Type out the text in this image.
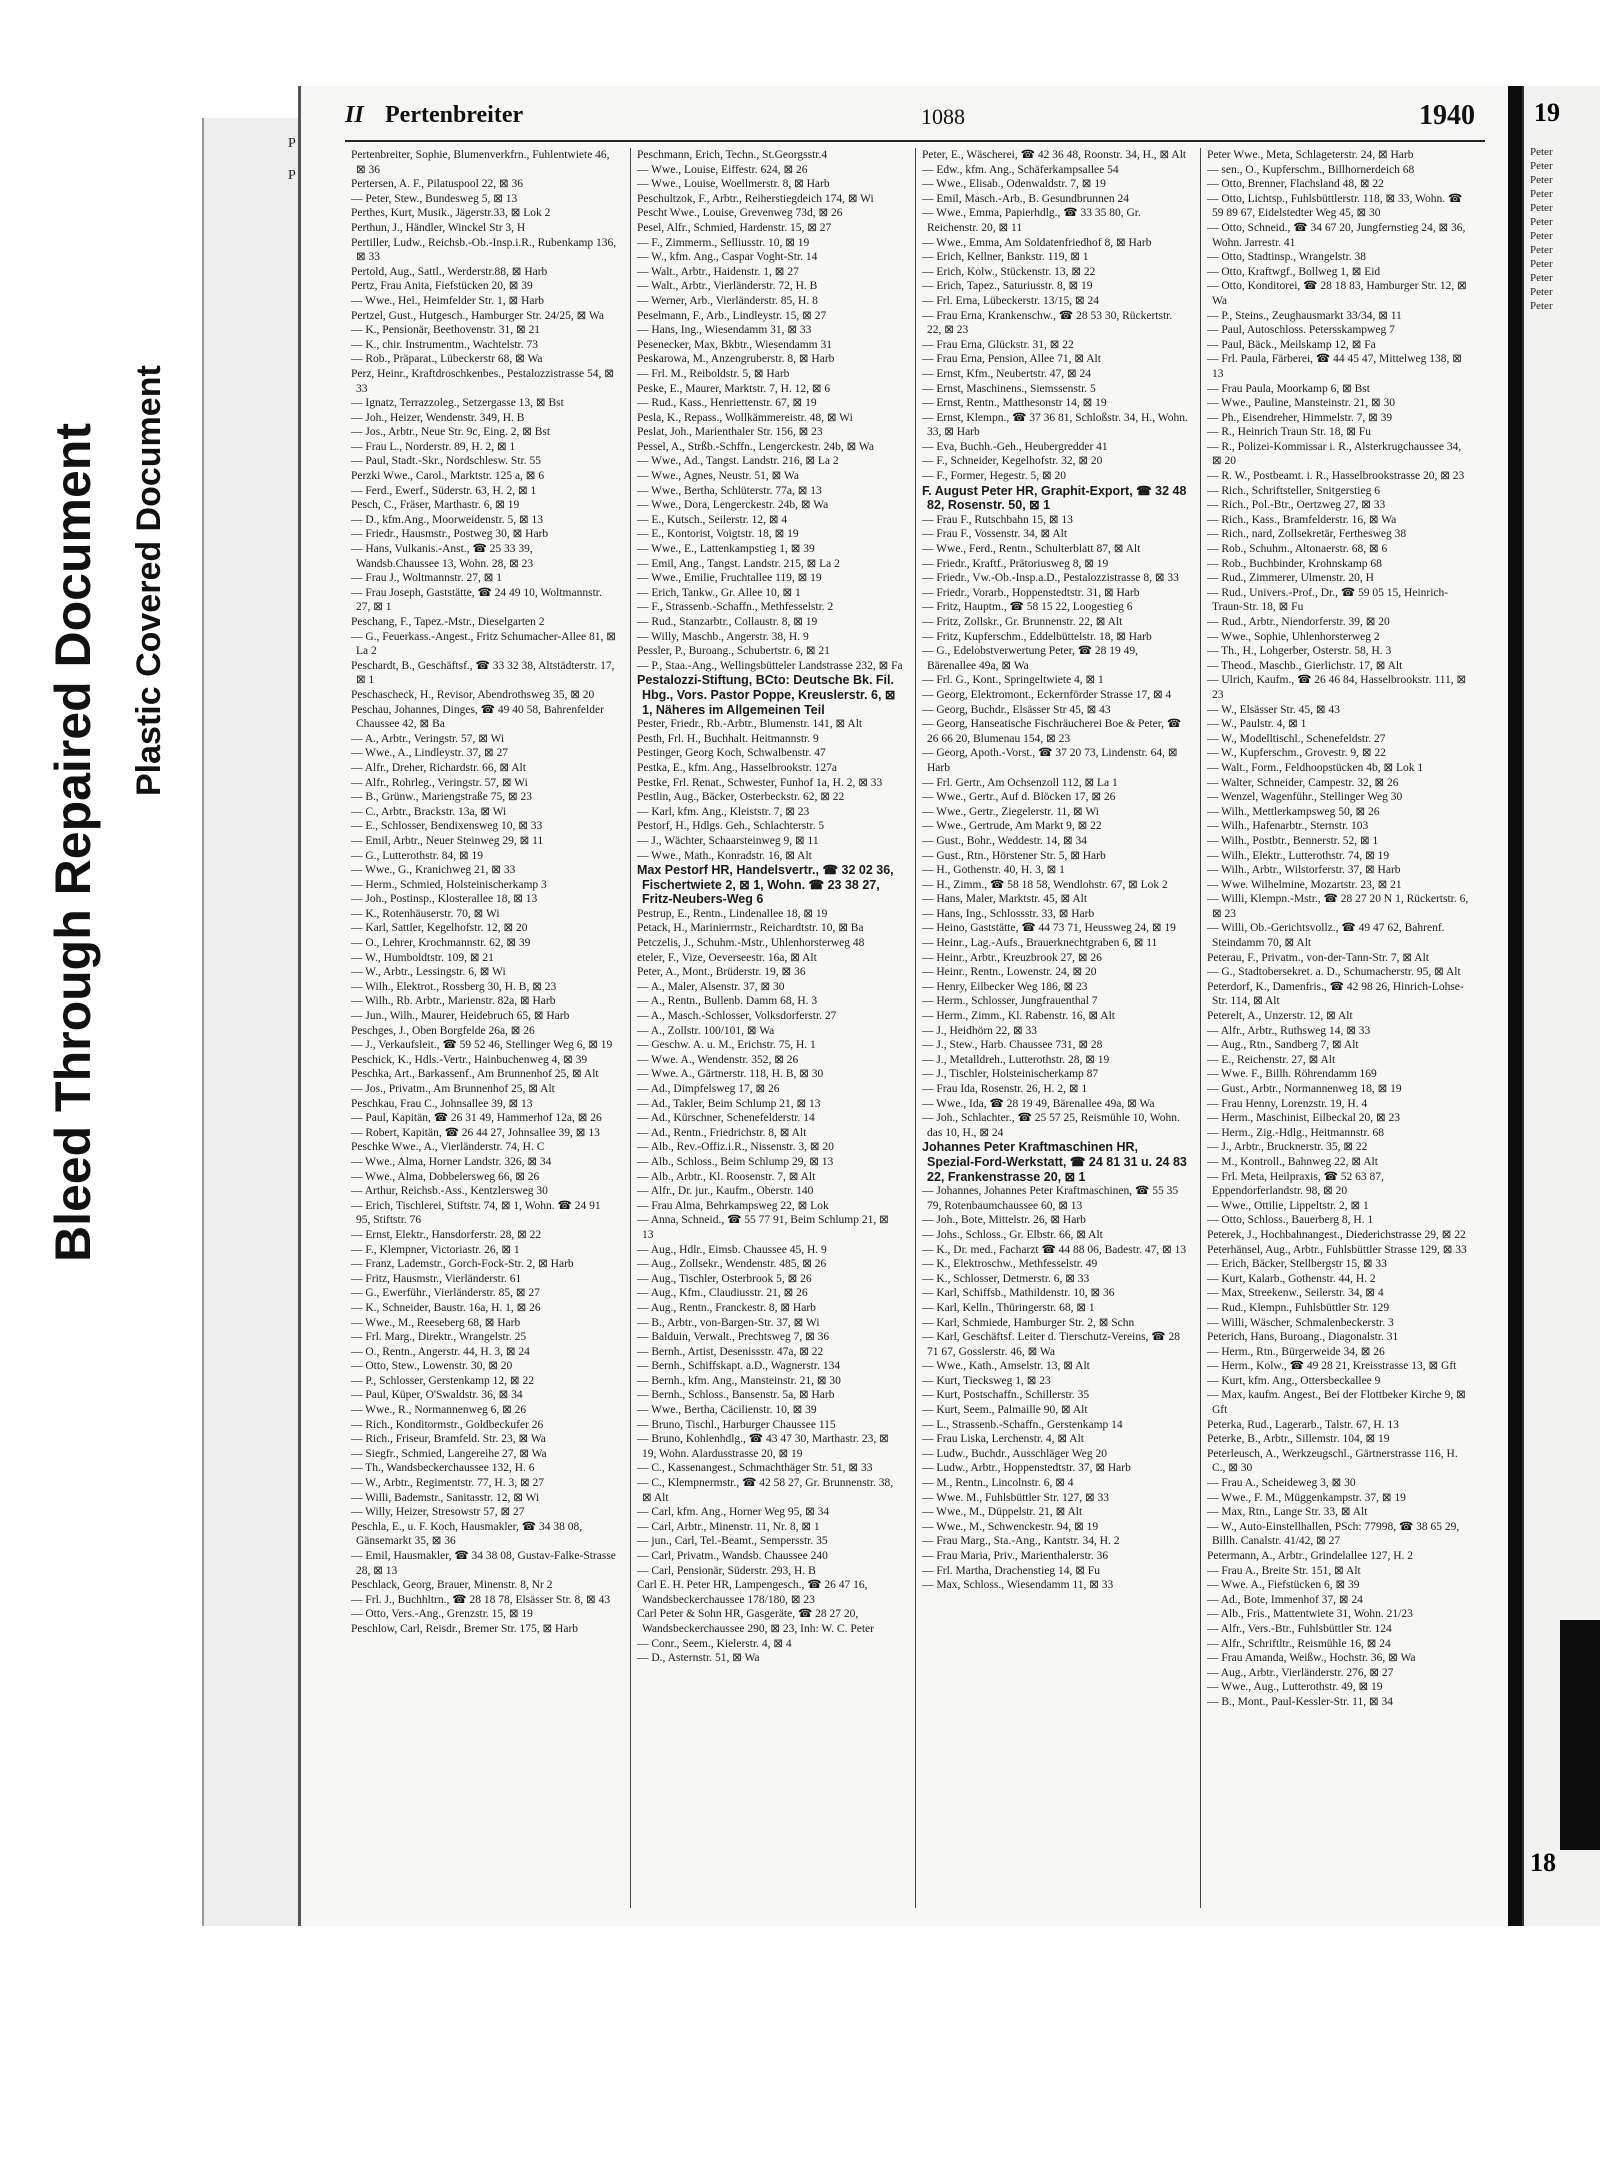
Bleed Through Repaired Document Plastic Covered Document
P
P
II Pertenbreiter	1088	1940

Pertenbreiter, Sophie, Blumenverkfrn., Fuhlentwiete 46, ⊠ 36

Pertersen, A. F., Pilatuspool 22, ⊠ 36

— Peter, Stew., Bundesweg 5, ⊠ 13

Perthes, Kurt, Musik., Jägerstr.33, ⊠ Lok 2

Perthun, J., Händler, Winckel Str 3, H

Pertiller, Ludw., Reichsb.-Ob.-Insp.i.R., Rubenkamp 136, ⊠ 33

Pertold, Aug., Sattl., Werderstr.88, ⊠ Harb

Pertz, Frau Anita, Fiefstücken 20, ⊠ 39

— Wwe., Hel., Heimfelder Str. 1, ⊠ Harb

Pertzel, Gust., Hutgesch., Hamburger Str. 24/25, ⊠ Wa

— K., Pensionär, Beethovenstr. 31, ⊠ 21

— K., chir. Instrumentm., Wachtelstr. 73

— Rob., Präparat., Lübeckerstr 68, ⊠ Wa

Perz, Heinr., Kraftdroschkenbes., Pestalozzistrasse 54, ⊠ 33

— Ignatz, Terrazzoleg., Setzergasse 13, ⊠ Bst

— Joh., Heizer, Wendenstr. 349, H. B

— Jos., Arbtr., Neue Str. 9c, Eing. 2, ⊠ Bst

— Frau L., Norderstr. 89, H. 2, ⊠ 1

— Paul, Stadt.-Skr., Nordschlesw. Str. 55

Perzki Wwe., Carol., Marktstr. 125 a, ⊠ 6

— Ferd., Ewerf., Süderstr. 63, H. 2, ⊠ 1

Pesch, C., Fräser, Marthastr. 6, ⊠ 19

— D., kfm.Ang., Moorweidenstr. 5, ⊠ 13

— Friedr., Hausmstr., Postweg 30, ⊠ Harb

— Hans, Vulkanis.-Anst., ☎ 25 33 39, Wandsb.Chaussee 13, Wohn. 28, ⊠ 23

— Frau J., Woltmannstr. 27, ⊠ 1

— Frau Joseph, Gaststätte, ☎ 24 49 10, Woltmannstr. 27, ⊠ 1

Peschang, F., Tapez.-Mstr., Dieselgarten 2

— G., Feuerkass.-Angest., Fritz Schumacher-Allee 81, ⊠ La 2

Peschardt, B., Geschäftsf., ☎ 33 32 38, Altstädterstr. 17, ⊠ 1

Peschascheck, H., Revisor, Abendrothsweg 35, ⊠ 20

Peschau, Johannes, Dinges, ☎ 49 40 58, Bahrenfelder Chaussee 42, ⊠ Ba

— A., Arbtr., Veringstr. 57, ⊠ Wi

— Wwe., A., Lindleystr. 37, ⊠ 27

— Alfr., Dreher, Richardstr. 66, ⊠ Alt

— Alfr., Rohrleg., Veringstr. 57, ⊠ Wi

— B., Grünw., Mariengstraße 75, ⊠ 23

— C., Arbtr., Brackstr. 13a, ⊠ Wi

— E., Schlosser, Bendixensweg 10, ⊠ 33

— Emil, Arbtr., Neuer Steinweg 29, ⊠ 11

— G., Lutterothstr. 84, ⊠ 19

— Wwe., G., Kranichweg 21, ⊠ 33

— Herm., Schmied, Holsteinischerkamp 3

— Joh., Postinsp., Klosterallee 18, ⊠ 13

— K., Rotenhäuserstr. 70, ⊠ Wi

— Karl, Sattler, Kegelhofstr. 12, ⊠ 20

— O., Lehrer, Krochmannstr. 62, ⊠ 39

— W., Humboldtstr. 109, ⊠ 21

— W., Arbtr., Lessingstr. 6, ⊠ Wi

— Wilh., Elektrot., Rossberg 30, H. B, ⊠ 23

— Wilh., Rb. Arbtr., Marienstr. 82a, ⊠ Harb

— Jun., Wilh., Maurer, Heidebruch 65, ⊠ Harb

Peschges, J., Oben Borgfelde 26a, ⊠ 26

— J., Verkaufsleit., ☎ 59 52 46, Stellinger Weg 6, ⊠ 19

Peschick, K., Hdls.-Vertr., Hainbuchenweg 4, ⊠ 39

Peschka, Art., Barkassenf., Am Brunnenhof 25, ⊠ Alt

— Jos., Privatm., Am Brunnenhof 25, ⊠ Alt

Peschkau, Frau C., Johnsallee 39, ⊠ 13

— Paul, Kapitän, ☎ 26 31 49, Hammerhof 12a, ⊠ 26

— Robert, Kapitän, ☎ 26 44 27, Johnsallee 39, ⊠ 13

Peschke Wwe., A., Vierländerstr. 74, H. C

— Wwe., Alma, Horner Landstr. 326, ⊠ 34

— Wwe., Alma, Dobbelersweg 66, ⊠ 26

— Arthur, Reichsb.-Ass., Kentzlersweg 30

— Erich, Tischlerei, Stiftstr. 74, ⊠ 1, Wohn. ☎ 24 91 95, Stiftstr. 76

— Ernst, Elektr., Hansdorferstr. 28, ⊠ 22

— F., Klempner, Victoriastr. 26, ⊠ 1

— Franz, Lademstr., Gorch-Fock-Str. 2, ⊠ Harb

— Fritz, Hausmstr., Vierländerstr. 61

— G., Ewerführ., Vierländerstr. 85, ⊠ 27

— K., Schneider, Baustr. 16a, H. 1, ⊠ 26

— Wwe., M., Reeseberg 68, ⊠ Harb

— Frl. Marg., Direktr., Wrangelstr. 25

— O., Rentn., Angerstr. 44, H. 3, ⊠ 24

— Otto, Stew., Lowenstr. 30, ⊠ 20

— P., Schlosser, Gerstenkamp 12, ⊠ 22

— Paul, Küper, O'Swaldstr. 36, ⊠ 34

— Wwe., R., Normannenweg 6, ⊠ 26

— Rich., Konditormstr., Goldbeckufer 26

— Rich., Friseur, Bramfeld. Str. 23, ⊠ Wa

— Siegfr., Schmied, Langereihe 27, ⊠ Wa

— Th., Wandsbeckerchaussee 132, H. 6

— W., Arbtr., Regimentstr. 77, H. 3, ⊠ 27

— Willi, Bademstr., Sanitasstr. 12, ⊠ Wi

— Willy, Heizer, Stresowstr 57, ⊠ 27

Peschla, E., u. F. Koch, Hausmakler, ☎ 34 38 08, Gänsemarkt 35, ⊠ 36

— Emil, Hausmakler, ☎ 34 38 08, Gustav-Falke-Strasse 28, ⊠ 13

Peschlack, Georg, Brauer, Minenstr. 8, Nr 2

— Frl. J., Buchhltrn., ☎ 28 18 78, Elsässer Str. 8, ⊠ 43

— Otto, Vers.-Ang., Grenzstr. 15, ⊠ 19

Peschlow, Carl, Reisdr., Bremer Str. 175, ⊠ Harb

Peschmann, Erich, Techn., St.Georgsstr.4

— Wwe., Louise, Eiffestr. 624, ⊠ 26

— Wwe., Louise, Woellmerstr. 8, ⊠ Harb

Peschultzok, F., Arbtr., Reiherstiegdeich 174, ⊠ Wi

Pescht Wwe., Louise, Grevenweg 73d, ⊠ 26

Pesel, Alfr., Schmied, Hardenstr. 15, ⊠ 27

— F., Zimmerm., Selliusstr. 10, ⊠ 19

— W., kfm. Ang., Caspar Voght-Str. 14

— Walt., Arbtr., Haidenstr. 1, ⊠ 27

— Walt., Arbtr., Vierländerstr. 72, H. B

— Werner, Arb., Vierländerstr. 85, H. 8

Peselmann, F., Arb., Lindleystr. 15, ⊠ 27

— Hans, Ing., Wiesendamm 31, ⊠ 33

Pesenecker, Max, Bkbtr., Wiesendamm 31

Peskarowa, M., Anzengruberstr. 8, ⊠ Harb

— Frl. M., Reiboldstr. 5, ⊠ Harb

Peske, E., Maurer, Marktstr. 7, H. 12, ⊠ 6

— Rud., Kass., Henriettenstr. 67, ⊠ 19

Pesla, K., Repass., Wollkämmereistr. 48, ⊠ Wi

Peslat, Joh., Marienthaler Str. 156, ⊠ 23

Pessel, A., Strßb.-Schffn., Lengerckestr. 24b, ⊠ Wa

— Wwe., Ad., Tangst. Landstr. 216, ⊠ La 2

— Wwe., Agnes, Neustr. 51, ⊠ Wa

— Wwe., Bertha, Schlüterstr. 77a, ⊠ 13

— Wwe., Dora, Lengerckestr. 24b, ⊠ Wa

— E., Kutsch., Seilerstr. 12, ⊠ 4

— E., Kontorist, Voigtstr. 18, ⊠ 19

— Wwe., E., Lattenkampstieg 1, ⊠ 39

— Emil, Ang., Tangst. Landstr. 215, ⊠ La 2

— Wwe., Emilie, Fruchtallee 119, ⊠ 19

— Erich, Tankw., Gr. Allee 10, ⊠ 1

— F., Strassenb.-Schaffn., Methfesselstr. 2

— Rud., Stanzarbtr., Collaustr. 8, ⊠ 19

— Willy, Maschb., Angerstr. 38, H. 9

Pessler, P., Buroang., Schubertstr. 6, ⊠ 21

— P., Staa.-Ang., Wellingsbütteler Landstrasse 232, ⊠ Fa

Pestalozzi-Stiftung, BCto: Deutsche Bk. Fil. Hbg., Vors. Pastor Poppe, Kreuslerstr. 6, ⊠ 1, Näheres im Allgemeinen Teil

Pester, Friedr., Rb.-Arbtr., Blumenstr. 141, ⊠ Alt

Pesth, Frl. H., Buchhalt. Heitmannstr. 9

Pestinger, Georg Koch, Schwalbenstr. 47

Pestka, E., kfm. Ang., Hasselbrookstr. 127a

Pestke, Frl. Renat., Schwester, Funhof 1a, H. 2, ⊠ 33

Pestlin, Aug., Bäcker, Osterbeckstr. 62, ⊠ 22

— Karl, kfm. Ang., Kleiststr. 7, ⊠ 23

Pestorf, H., Hdlgs. Geh., Schlachterstr. 5

— J., Wächter, Schaarsteinweg 9, ⊠ 11

— Wwe., Math., Konradstr. 16, ⊠ Alt

Max Pestorf HR, Handelsvertr., ☎ 32 02 36, Fischertwiete 2, ⊠ 1, Wohn. ☎ 23 38 27, Fritz-Neubers-Weg 6

Pestrup, E., Rentn., Lindenallee 18, ⊠ 19

Petack, H., Marinierrnstr., Reichardtstr. 10, ⊠ Ba

Petczelis, J., Schuhm.-Mstr., Uhlenhorsterweg 48

eteler, F., Vize, Oeverseestr. 16a, ⊠ Alt

Peter, A., Mont., Brüderstr. 19, ⊠ 36

— A., Maler, Alsenstr. 37, ⊠ 30

— A., Rentn., Bullenb. Damm 68, H. 3

— A., Masch.-Schlosser, Volksdorferstr. 27

— A., Zollstr. 100/101, ⊠ Wa

— Geschw. A. u. M., Erichstr. 75, H. 1

— Wwe. A., Wendenstr. 352, ⊠ 26

— Wwe. A., Gärtnerstr. 118, H. B, ⊠ 30

— Ad., Dimpfelsweg 17, ⊠ 26

— Ad., Takler, Beim Schlump 21, ⊠ 13

— Ad., Kürschner, Schenefelderstr. 14

— Ad., Rentn., Friedrichstr. 8, ⊠ Alt

— Alb., Rev.-Offiz.i.R., Nissenstr. 3, ⊠ 20

— Alb., Schloss., Beim Schlump 29, ⊠ 13

— Alb., Arbtr., Kl. Roosenstr. 7, ⊠ Alt

— Alfr., Dr. jur., Kaufm., Oberstr. 140

— Frau Alma, Behrkampsweg 22, ⊠ Lok

— Anna, Schneid., ☎ 55 77 91, Beim Schlump 21, ⊠ 13

— Aug., Hdlr., Eimsb. Chaussee 45, H. 9

— Aug., Zollsekr., Wendenstr. 485, ⊠ 26

— Aug., Tischler, Osterbrook 5, ⊠ 26

— Aug., Kfm., Claudiusstr. 21, ⊠ 26

— Aug., Rentn., Franckestr. 8, ⊠ Harb

— B., Arbtr., von-Bargen-Str. 37, ⊠ Wi

— Balduin, Verwalt., Prechtsweg 7, ⊠ 36

— Bernh., Artist, Desenissstr. 47a, ⊠ 22

— Bernh., Schiffskapt. a.D., Wagnerstr. 134

— Bernh., kfm. Ang., Mansteinstr. 21, ⊠ 30

— Bernh., Schloss., Bansenstr. 5a, ⊠ Harb

— Wwe., Bertha, Cäcilienstr. 10, ⊠ 39

— Bruno, Tischl., Harburger Chaussee 115

— Bruno, Kohlenhdlg., ☎ 43 47 30, Marthastr. 23, ⊠ 19, Wohn. Alardusstrasse 20, ⊠ 19

— C., Kassenangest., Schmachthäger Str. 51, ⊠ 33

— C., Klempnermstr., ☎ 42 58 27, Gr. Brunnenstr. 38, ⊠ Alt

— Carl, kfm. Ang., Horner Weg 95, ⊠ 34

— Carl, Arbtr., Minenstr. 11, Nr. 8, ⊠ 1

— jun., Carl, Tel.-Beamt., Sempersstr. 35

— Carl, Privatm., Wandsb. Chaussee 240

— Carl, Pensionär, Süderstr. 293, H. B

Carl E. H. Peter HR, Lampengesch., ☎ 26 47 16, Wandsbeckerchaussee 178/180, ⊠ 23

Carl Peter & Sohn HR, Gasgeräte, ☎ 28 27 20, Wandsbeckerchaussee 290, ⊠ 23, Inh: W. C. Peter

— Conr., Seem., Kielerstr. 4, ⊠ 4

— D., Asternstr. 51, ⊠ Wa

Peter, E., Wäscherei, ☎ 42 36 48, Roonstr. 34, H., ⊠ Alt

— Edw., kfm. Ang., Schäferkampsallee 54

— Wwe., Elisab., Odenwaldstr. 7, ⊠ 19

— Emil, Masch.-Arb., B. Gesundbrunnen 24

— Wwe., Emma, Papierhdlg., ☎ 33 35 80, Gr. Reichenstr. 20, ⊠ 11

— Wwe., Emma, Am Soldatenfriedhof 8, ⊠ Harb

— Erich, Kellner, Bankstr. 119, ⊠ 1

— Erich, Kolw., Stückenstr. 13, ⊠ 22

— Erich, Tapez., Saturiusstr. 8, ⊠ 19

— Frl. Erna, Lübeckerstr. 13/15, ⊠ 24

— Frau Erna, Krankenschw., ☎ 28 53 30, Rückertstr. 22, ⊠ 23

— Frau Erna, Glückstr. 31, ⊠ 22

— Frau Erna, Pension, Allee 71, ⊠ Alt

— Ernst, Kfm., Neubertstr. 47, ⊠ 24

— Ernst, Maschinens., Siemssenstr. 5

— Ernst, Rentn., Matthesonstr 14, ⊠ 19

— Ernst, Klempn., ☎ 37 36 81, Schloßstr. 34, H., Wohn. 33, ⊠ Harb

— Eva, Buchh.-Geh., Heubergredder 41

— F., Schneider, Kegelhofstr. 32, ⊠ 20

— F., Former, Hegestr. 5, ⊠ 20

F. August Peter HR, Graphit-Export, ☎ 32 48 82, Rosenstr. 50, ⊠ 1

— Frau F., Rutschbahn 15, ⊠ 13

— Frau F., Vossenstr. 34, ⊠ Alt

— Wwe., Ferd., Rentn., Schulterblatt 87, ⊠ Alt

— Friedr., Kraftf., Prätoriusweg 8, ⊠ 19

— Friedr., Vw.-Ob.-Insp.a.D., Pestalozzistrasse 8, ⊠ 33

— Friedr., Vorarb., Hoppenstedtstr. 31, ⊠ Harb

— Fritz, Hauptm., ☎ 58 15 22, Loogestieg 6

— Fritz, Zollskr., Gr. Brunnenstr. 22, ⊠ Alt

— Fritz, Kupferschm., Eddelbüttelstr. 18, ⊠ Harb

— G., Edelobstverwertung Peter, ☎ 28 19 49, Bärenallee 49a, ⊠ Wa

— Frl. G., Kont., Springeltwiete 4, ⊠ 1

— Georg, Elektromont., Eckernförder Strasse 17, ⊠ 4

— Georg, Buchdr., Elsässer Str 45, ⊠ 43

— Georg, Hanseatische Fischräucherei Boe & Peter, ☎ 26 66 20, Blumenau 154, ⊠ 23

— Georg, Apoth.-Vorst., ☎ 37 20 73, Lindenstr. 64, ⊠ Harb

— Frl. Gertr., Am Ochsenzoll 112, ⊠ La 1

— Wwe., Gertr., Auf d. Blöcken 17, ⊠ 26

— Wwe., Gertr., Ziegelerstr. 11, ⊠ Wi

— Wwe., Gertrude, Am Markt 9, ⊠ 22

— Gust., Bohr., Weddestr. 14, ⊠ 34

— Gust., Rtn., Hörstener Str. 5, ⊠ Harb

— H., Gothenstr. 40, H. 3, ⊠ 1

— H., Zimm., ☎ 58 18 58, Wendlohstr. 67, ⊠ Lok 2

— Hans, Maler, Marktstr. 45, ⊠ Alt

— Hans, Ing., Schlossstr. 33, ⊠ Harb

— Heino, Gaststätte, ☎ 44 73 71, Heussweg 24, ⊠ 19

— Heinr., Lag.-Aufs., Brauerknechtgraben 6, ⊠ 11

— Heinr., Arbtr., Kreuzbrook 27, ⊠ 26

— Heinr., Rentn., Lowenstr. 24, ⊠ 20

— Henry, Eilbecker Weg 186, ⊠ 23

— Herm., Schlosser, Jungfrauenthal 7

— Herm., Zimm., Kl. Rabenstr. 16, ⊠ Alt

— J., Heidhörn 22, ⊠ 33

— J., Stew., Harb. Chaussee 731, ⊠ 28

— J., Metalldreh., Lutterothstr. 28, ⊠ 19

— J., Tischler, Holsteinischerkamp 87

— Frau Ida, Rosenstr. 26, H. 2, ⊠ 1

— Wwe., Ida, ☎ 28 19 49, Bärenallee 49a, ⊠ Wa

— Joh., Schlachter., ☎ 25 57 25, Reismühle 10, Wohn. das 10, H., ⊠ 24

Johannes Peter Kraftmaschinen HR, Spezial-Ford-Werkstatt, ☎ 24 81 31 u. 24 83 22, Frankenstrasse 20, ⊠ 1

— Johannes, Johannes Peter Kraftmaschinen, ☎ 55 35 79, Rotenbaumchaussee 60, ⊠ 13

— Joh., Bote, Mittelstr. 26, ⊠ Harb

— Johs., Schloss., Gr. Elbstr. 66, ⊠ Alt

— K., Dr. med., Facharzt ☎ 44 88 06, Badestr. 47, ⊠ 13

— K., Elektroschw., Methfesselstr. 49

— K., Schlosser, Detmerstr. 6, ⊠ 33

— Karl, Schiffsb., Mathildenstr. 10, ⊠ 36

— Karl, Kelln., Thüringerstr. 68, ⊠ 1

— Karl, Schmiede, Hamburger Str. 2, ⊠ Schn

— Karl, Geschäftsf. Leiter d. Tierschutz-Vereins, ☎ 28 71 67, Gosslerstr. 46, ⊠ Wa

— Wwe., Kath., Amselstr. 13, ⊠ Alt

— Kurt, Tiecksweg 1, ⊠ 23

— Kurt, Postschaffn., Schillerstr. 35

— Kurt, Seem., Palmaille 90, ⊠ Alt

— L., Strassenb.-Schaffn., Gerstenkamp 14

— Frau Liska, Lerchenstr. 4, ⊠ Alt

— Ludw., Buchdr., Ausschläger Weg 20

— Ludw., Arbtr., Hoppenstedtstr. 37, ⊠ Harb

— M., Rentn., Lincolnstr. 6, ⊠ 4

— Wwe. M., Fuhlsbüttler Str. 127, ⊠ 33

— Wwe., M., Düppelstr. 21, ⊠ Alt

— Wwe., M., Schwenckestr. 94, ⊠ 19

— Frau Marg., Sta.-Ang., Kantstr. 34, H. 2

— Frau Maria, Priv., Marienthalerstr. 36

— Frl. Martha, Drachenstieg 14, ⊠ Fu

— Max, Schloss., Wiesendamm 11, ⊠ 33

Peter Wwe., Meta, Schlageterstr. 24, ⊠ Harb

— sen., O., Kupferschm., Billhornerdeich 68

— Otto, Brenner, Flachsland 48, ⊠ 22

— Otto, Lichtsp., Fuhlsbüttlerstr. 118, ⊠ 33, Wohn. ☎ 59 89 67, Eidelstedter Weg 45, ⊠ 30

— Otto, Schneid., ☎ 34 67 20, Jungfernstieg 24, ⊠ 36, Wohn. Jarrestr. 41

— Otto, Stadtinsp., Wrangelstr. 38

— Otto, Kraftwgf., Bollweg 1, ⊠ Eid

— Otto, Konditorei, ☎ 28 18 83, Hamburger Str. 12, ⊠ Wa

— P., Steins., Zeughausmarkt 33/34, ⊠ 11

— Paul, Autoschloss. Petersskampweg 7

— Paul, Bäck., Meilskamp 12, ⊠ Fa

— Frl. Paula, Färberei, ☎ 44 45 47, Mittelweg 138, ⊠ 13

— Frau Paula, Moorkamp 6, ⊠ Bst

— Wwe., Pauline, Mansteinstr. 21, ⊠ 30

— Ph., Eisendreher, Himmelstr. 7, ⊠ 39

— R., Heinrich Traun Str. 18, ⊠ Fu

— R., Polizei-Kommissar i. R., Alsterkrugchaussee 34, ⊠ 20

— R. W., Postbeamt. i. R., Hasselbrookstrasse 20, ⊠ 23

— Rich., Schriftsteller, Snitgerstieg 6

— Rich., Pol.-Btr., Oertzweg 27, ⊠ 33

— Rich., Kass., Bramfelderstr. 16, ⊠ Wa

— Rich., nard, Zollsekretär, Ferthesweg 38

— Rob., Schuhm., Altonaerstr. 68, ⊠ 6

— Rob., Buchbinder, Krohnskamp 68

— Rud., Zimmerer, Ulmenstr. 20, H

— Rud., Univers.-Prof., Dr., ☎ 59 05 15, Heinrich-Traun-Str. 18, ⊠ Fu

— Rud., Arbtr., Niendorferstr. 39, ⊠ 20

— Wwe., Sophie, Uhlenhorsterweg 2

— Th., H., Lohgerber, Osterstr. 58, H. 3

— Theod., Maschb., Gierlichstr. 17, ⊠ Alt

— Ulrich, Kaufm., ☎ 26 46 84, Hasselbrookstr. 111, ⊠ 23

— W., Elsässer Str. 45, ⊠ 43

— W., Paulstr. 4, ⊠ 1

— W., Modelltischl., Schenefeldstr. 27

— W., Kupferschm., Grovestr. 9, ⊠ 22

— Walt., Form., Feldhoopstücken 4b, ⊠ Lok 1

— Walter, Schneider, Campestr. 32, ⊠ 26

— Wenzel, Wagenführ., Stellinger Weg 30

— Wilh., Mettlerkampsweg 50, ⊠ 26

— Wilh., Hafenarbtr., Sternstr. 103

— Wilh., Postbtr., Bennerstr. 52, ⊠ 1

— Wilh., Elektr., Lutterothstr. 74, ⊠ 19

— Wilh., Arbtr., Wilstorferstr. 37, ⊠ Harb

— Wwe. Wilhelmine, Mozartstr. 23, ⊠ 21

— Willi, Klempn.-Mstr., ☎ 28 27 20 N 1, Rückertstr. 6, ⊠ 23

— Willi, Ob.-Gerichtsvollz., ☎ 49 47 62, Bahrenf. Steindamm 70, ⊠ Alt

Peterau, F., Privatm., von-der-Tann-Str. 7, ⊠ Alt

— G., Stadtobersekret. a. D., Schumacherstr. 95, ⊠ Alt

Peterdorf, K., Damenfris., ☎ 42 98 26, Hinrich-Lohse-Str. 114, ⊠ Alt

Peterelt, A., Unzerstr. 12, ⊠ Alt

— Alfr., Arbtr., Ruthsweg 14, ⊠ 33

— Aug., Rtn., Sandberg 7, ⊠ Alt

— E., Reichenstr. 27, ⊠ Alt

— Wwe. F., Billh. Röhrendamm 169

— Gust., Arbtr., Normannenweg 18, ⊠ 19

— Frau Henny, Lorenzstr. 19, H. 4

— Herm., Maschinist, Eilbeckal 20, ⊠ 23

— Herm., Zig.-Hdlg., Heitmannstr. 68

— J., Arbtr., Brucknerstr. 35, ⊠ 22

— M., Kontroll., Bahnweg 22, ⊠ Alt

— Frl. Meta, Heilpraxis, ☎ 52 63 87, Eppendorferlandstr. 98, ⊠ 20

— Wwe., Ottilie, Lippeltstr. 2, ⊠ 1

— Otto, Schloss., Bauerberg 8, H. 1

Peterek, J., Hochbahnangest., Diederichstrasse 29, ⊠ 22

Peterhänsel, Aug., Arbtr., Fuhlsbüttler Strasse 129, ⊠ 33

— Erich, Bäcker, Stellbergstr 15, ⊠ 33

— Kurt, Kalarb., Gothenstr. 44, H. 2

— Max, Streekenw., Seilerstr. 34, ⊠ 4

— Rud., Klempn., Fuhlsbüttler Str. 129

— Willi, Wäscher, Schmalenbeckerstr. 3

Peterich, Hans, Buroang., Diagonalstr. 31

— Herm., Rtn., Bürgerweide 34, ⊠ 26

— Herm., Kolw., ☎ 49 28 21, Kreisstrasse 13, ⊠ Gft

— Kurt, kfm. Ang., Ottersbeckallee 9

— Max, kaufm. Angest., Bei der Flottbeker Kirche 9, ⊠ Gft

Peterka, Rud., Lagerarb., Talstr. 67, H. 13

Peterke, B., Arbtr., Sillemstr. 104, ⊠ 19

Peterleusch, A., Werkzeugschl., Gärtnerstrasse 116, H. C., ⊠ 30

— Frau A., Scheideweg 3, ⊠ 30

— Wwe., F. M., Müggenkampstr. 37, ⊠ 19

— Max, Rtn., Lange Str. 33, ⊠ Alt

— W., Auto-Einstellhallen, PSch: 77998, ☎ 38 65 29, Billh. Canalstr. 41/42, ⊠ 27

Petermann, A., Arbtr., Grindelallee 127, H. 2

— Frau A., Breite Str. 151, ⊠ Alt

— Wwe. A., Fiefstücken 6, ⊠ 39

— Ad., Bote, Immenhof 37, ⊠ 24

— Alb., Fris., Mattentwiete 31, Wohn. 21/23

— Alfr., Vers.-Btr., Fuhlsbüttler Str. 124

— Alfr., Schriftltr., Reismühle 16, ⊠ 24

— Frau Amanda, Weißw., Hochstr. 36, ⊠ Wa

— Aug., Arbtr., Vierländerstr. 276, ⊠ 27

— Wwe., Aug., Lutterothstr. 49, ⊠ 19

— B., Mont., Paul-Kessler-Str. 11, ⊠ 34

19
Peter
Peter
Peter
Peter
Peter
Peter
Peter
Peter
Peter
Peter
Peter
Peter
18
